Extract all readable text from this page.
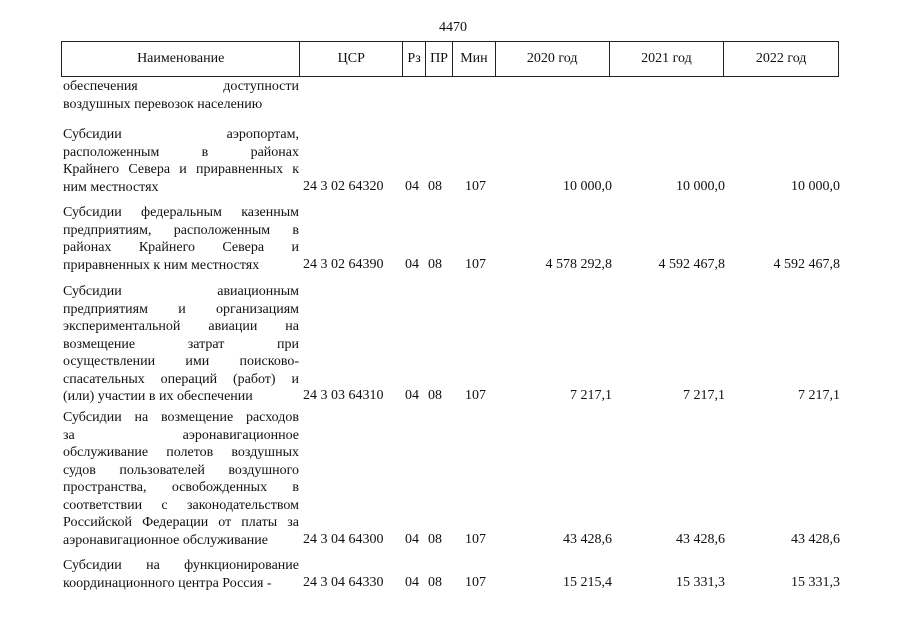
4470
Наименование	ЦСР	Рз ПР Мин	2020 год	2021 год	2022 год
обеспечения доступности
воздушных перевозок населению
Субсидии аэропортам,
расположенным в районах
Крайнего Севера и приравненных к
ним местностях	24 3 02 64320 04 08 107	10 000,0	10 000,0	10 000,0
Субсидии федеральным казенным
предприятиям, расположенным в
районах Крайнего Севера и
приравненных к ним местностях	24 3 02 64390 04 08 107	4 578 292,8	4 592 467,8	4 592 467,8
Субсидии авиационным
предприятиям и организациям
экспериментальной авиации на
возмещение затрат при
осуществлении ими поисково-
спасательных операций (работ) и
(или) участии в их обеспечении	24 3 03 64310 04 08 107	7 217,1	7 217,1	7 217,1
Субсидии на возмещение расходов
за аэронавигационное
обслуживание полетов воздушных
судов пользователей воздушного
пространства, освобожденных в
соответствии с законодательством
Российской Федерации от платы за
аэронавигационное обслуживание	24 3 04 64300 04 08 107	43 428,6	43 428,6	43 428,6
Субсидии на функционирование
координационного центра Россия -	24 3 04 64330 04 08 107	15 215,4	15 331,3	15 331,3
